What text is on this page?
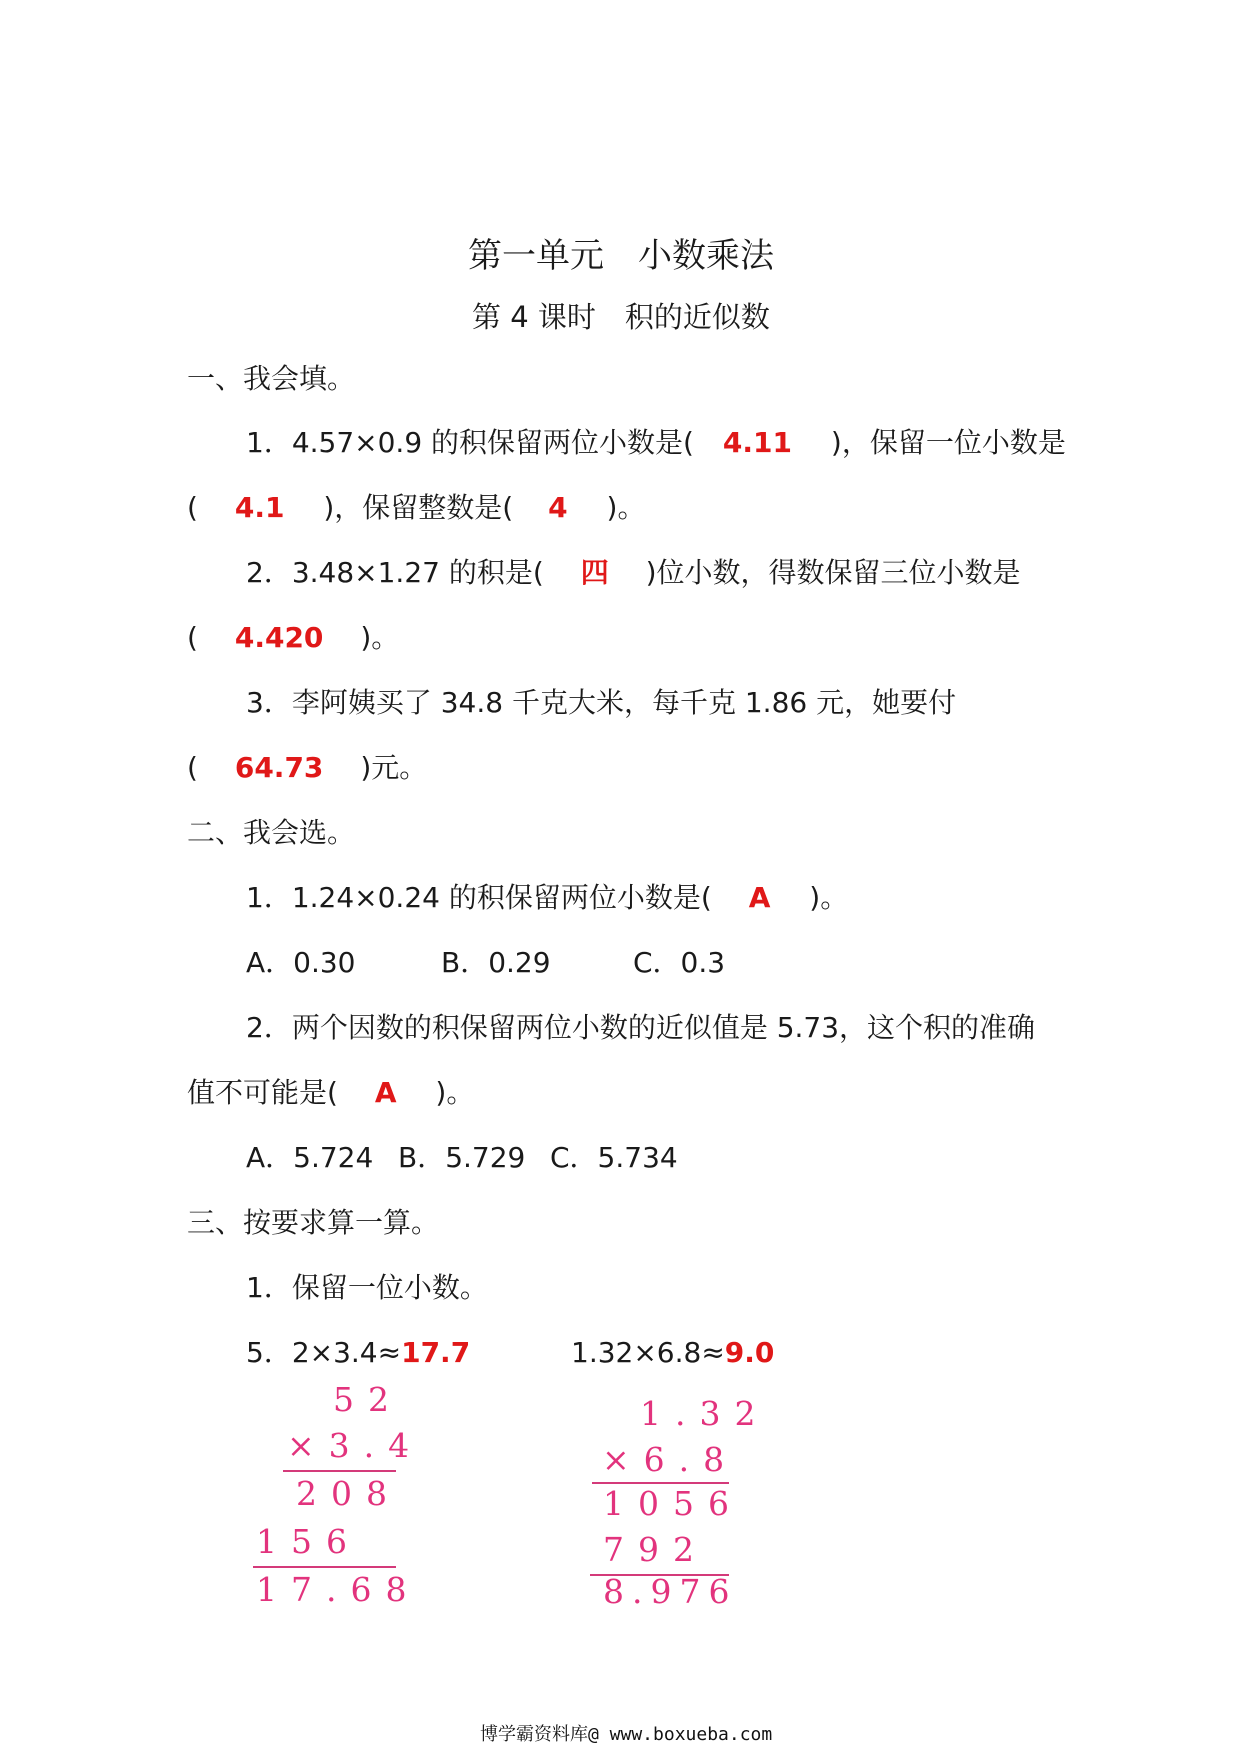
第一单元　小数乘法
第 4 课时　积的近似数
一、我会填。
1．4.57×0.9 的积保留两位小数是( 4.11 )，保留一位小数是
( 4.1 )，保留整数是( 4 )。
2．3.48×1.27 的积是( 四 )位小数，得数保留三位小数是
( 4.420 )。
3．李阿姨买了 34.8 千克大米，每千克 1.86 元，她要付
( 64.73 )元。
二、我会选。
1．1.24×0.24 的积保留两位小数是( A )。
A．0.30	B．0.29	C．0.3
2．两个因数的积保留两位小数的近似值是 5.73，这个积的准确
值不可能是( A )。
A．5.724 B．5.729 C．5.734
三、按要求算一算。
1．保留一位小数。
5．2×3.4≈17.7	1.32×6.8≈9.0
52
×3.4
208
156
17.68
1.32
×6.8
1056
792
8.976
博学霸资料库@ www.boxueba.com
